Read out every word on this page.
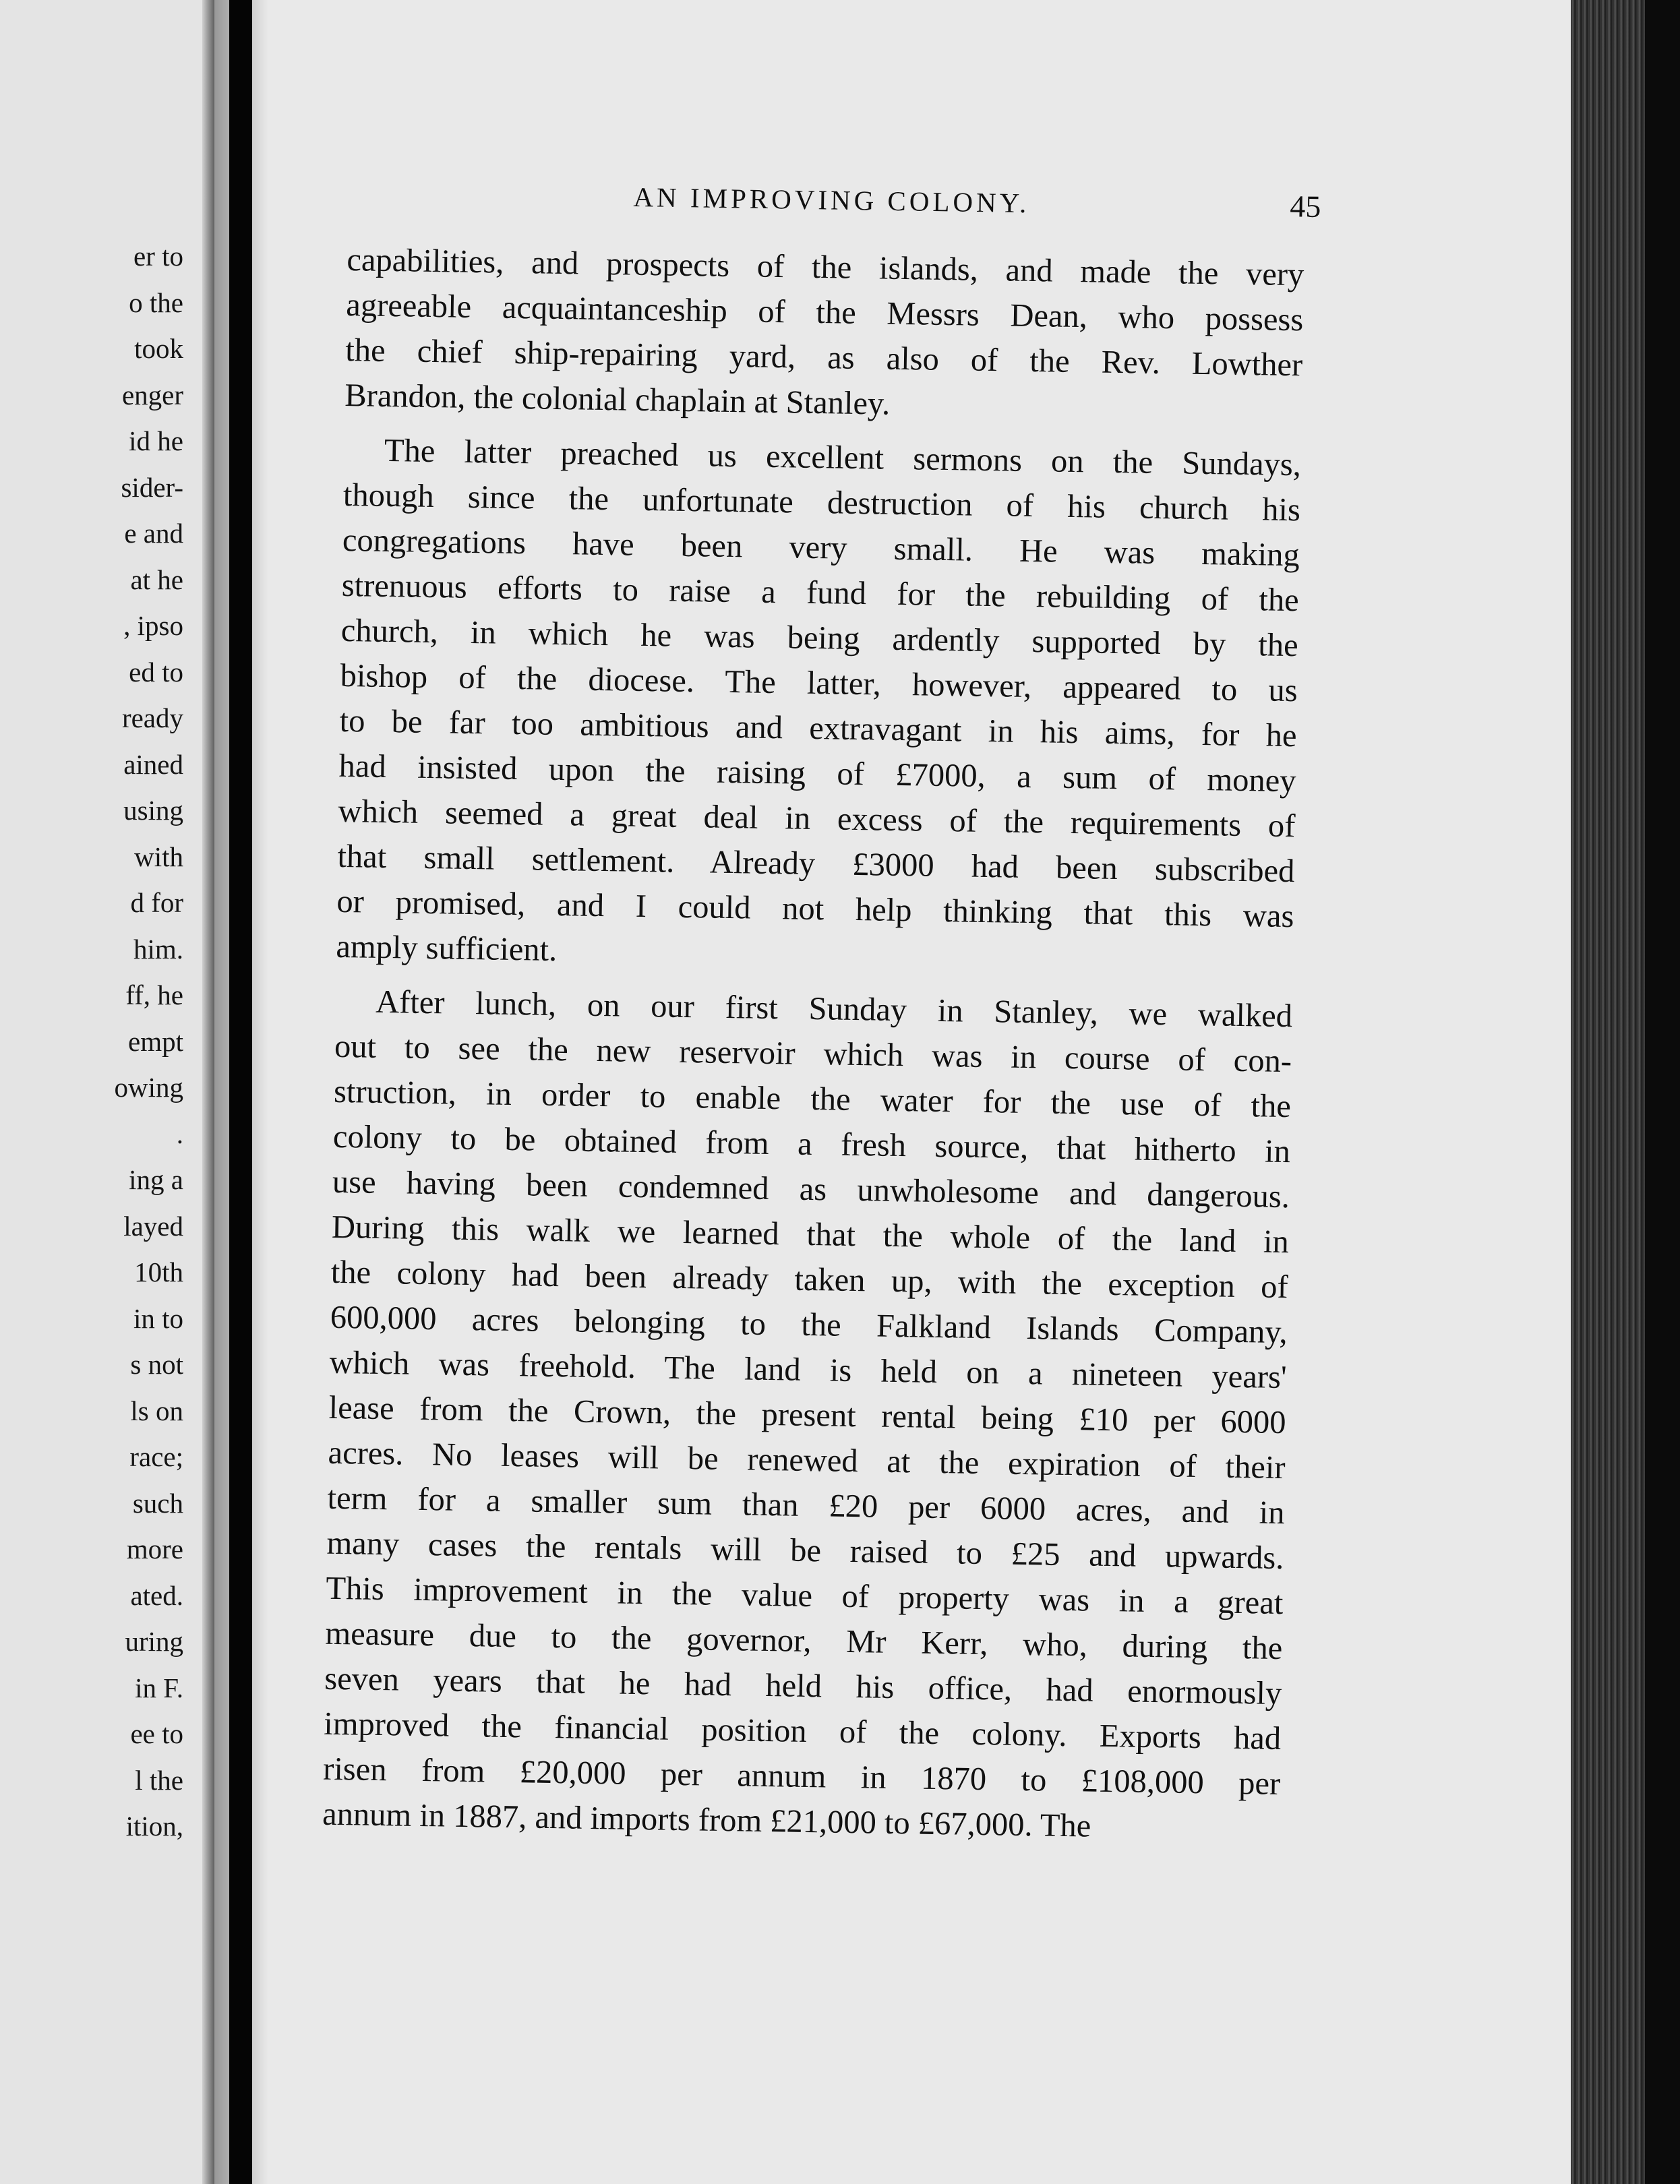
er to
o the
took
enger
id he
sider-
e and
at he
, ipso
ed to
ready
ained
using
with
d for
him.
ff, he
empt
owing
.
ing a
layed
10th
in to
s not
ls on
race;
such
more
ated.
uring
in F.
ee to
l the
ition,
AN IMPROVING COLONY.	45
capabilities, and prospects of the islands, and made the very
agreeable acquaintanceship of the Messrs Dean, who possess
the chief ship-repairing yard, as also of the Rev. Lowther
Brandon, the colonial chaplain at Stanley.
The latter preached us excellent sermons on the Sundays,
though since the unfortunate destruction of his church his
congregations have been very small. He was making
strenuous efforts to raise a fund for the rebuilding of the
church, in which he was being ardently supported by the
bishop of the diocese. The latter, however, appeared to us
to be far too ambitious and extravagant in his aims, for he
had insisted upon the raising of £7000, a sum of money
which seemed a great deal in excess of the requirements of
that small settlement. Already £3000 had been subscribed
or promised, and I could not help thinking that this was
amply sufficient.
After lunch, on our first Sunday in Stanley, we walked
out to see the new reservoir which was in course of con-
struction, in order to enable the water for the use of the
colony to be obtained from a fresh source, that hitherto in
use having been condemned as unwholesome and dangerous.
During this walk we learned that the whole of the land in
the colony had been already taken up, with the exception of
600,000 acres belonging to the Falkland Islands Company,
which was freehold. The land is held on a nineteen years'
lease from the Crown, the present rental being £10 per 6000
acres. No leases will be renewed at the expiration of their
term for a smaller sum than £20 per 6000 acres, and in
many cases the rentals will be raised to £25 and upwards.
This improvement in the value of property was in a great
measure due to the governor, Mr Kerr, who, during the
seven years that he had held his office, had enormously
improved the financial position of the colony. Exports had
risen from £20,000 per annum in 1870 to £108,000 per
annum in 1887, and imports from £21,000 to £67,000. The
